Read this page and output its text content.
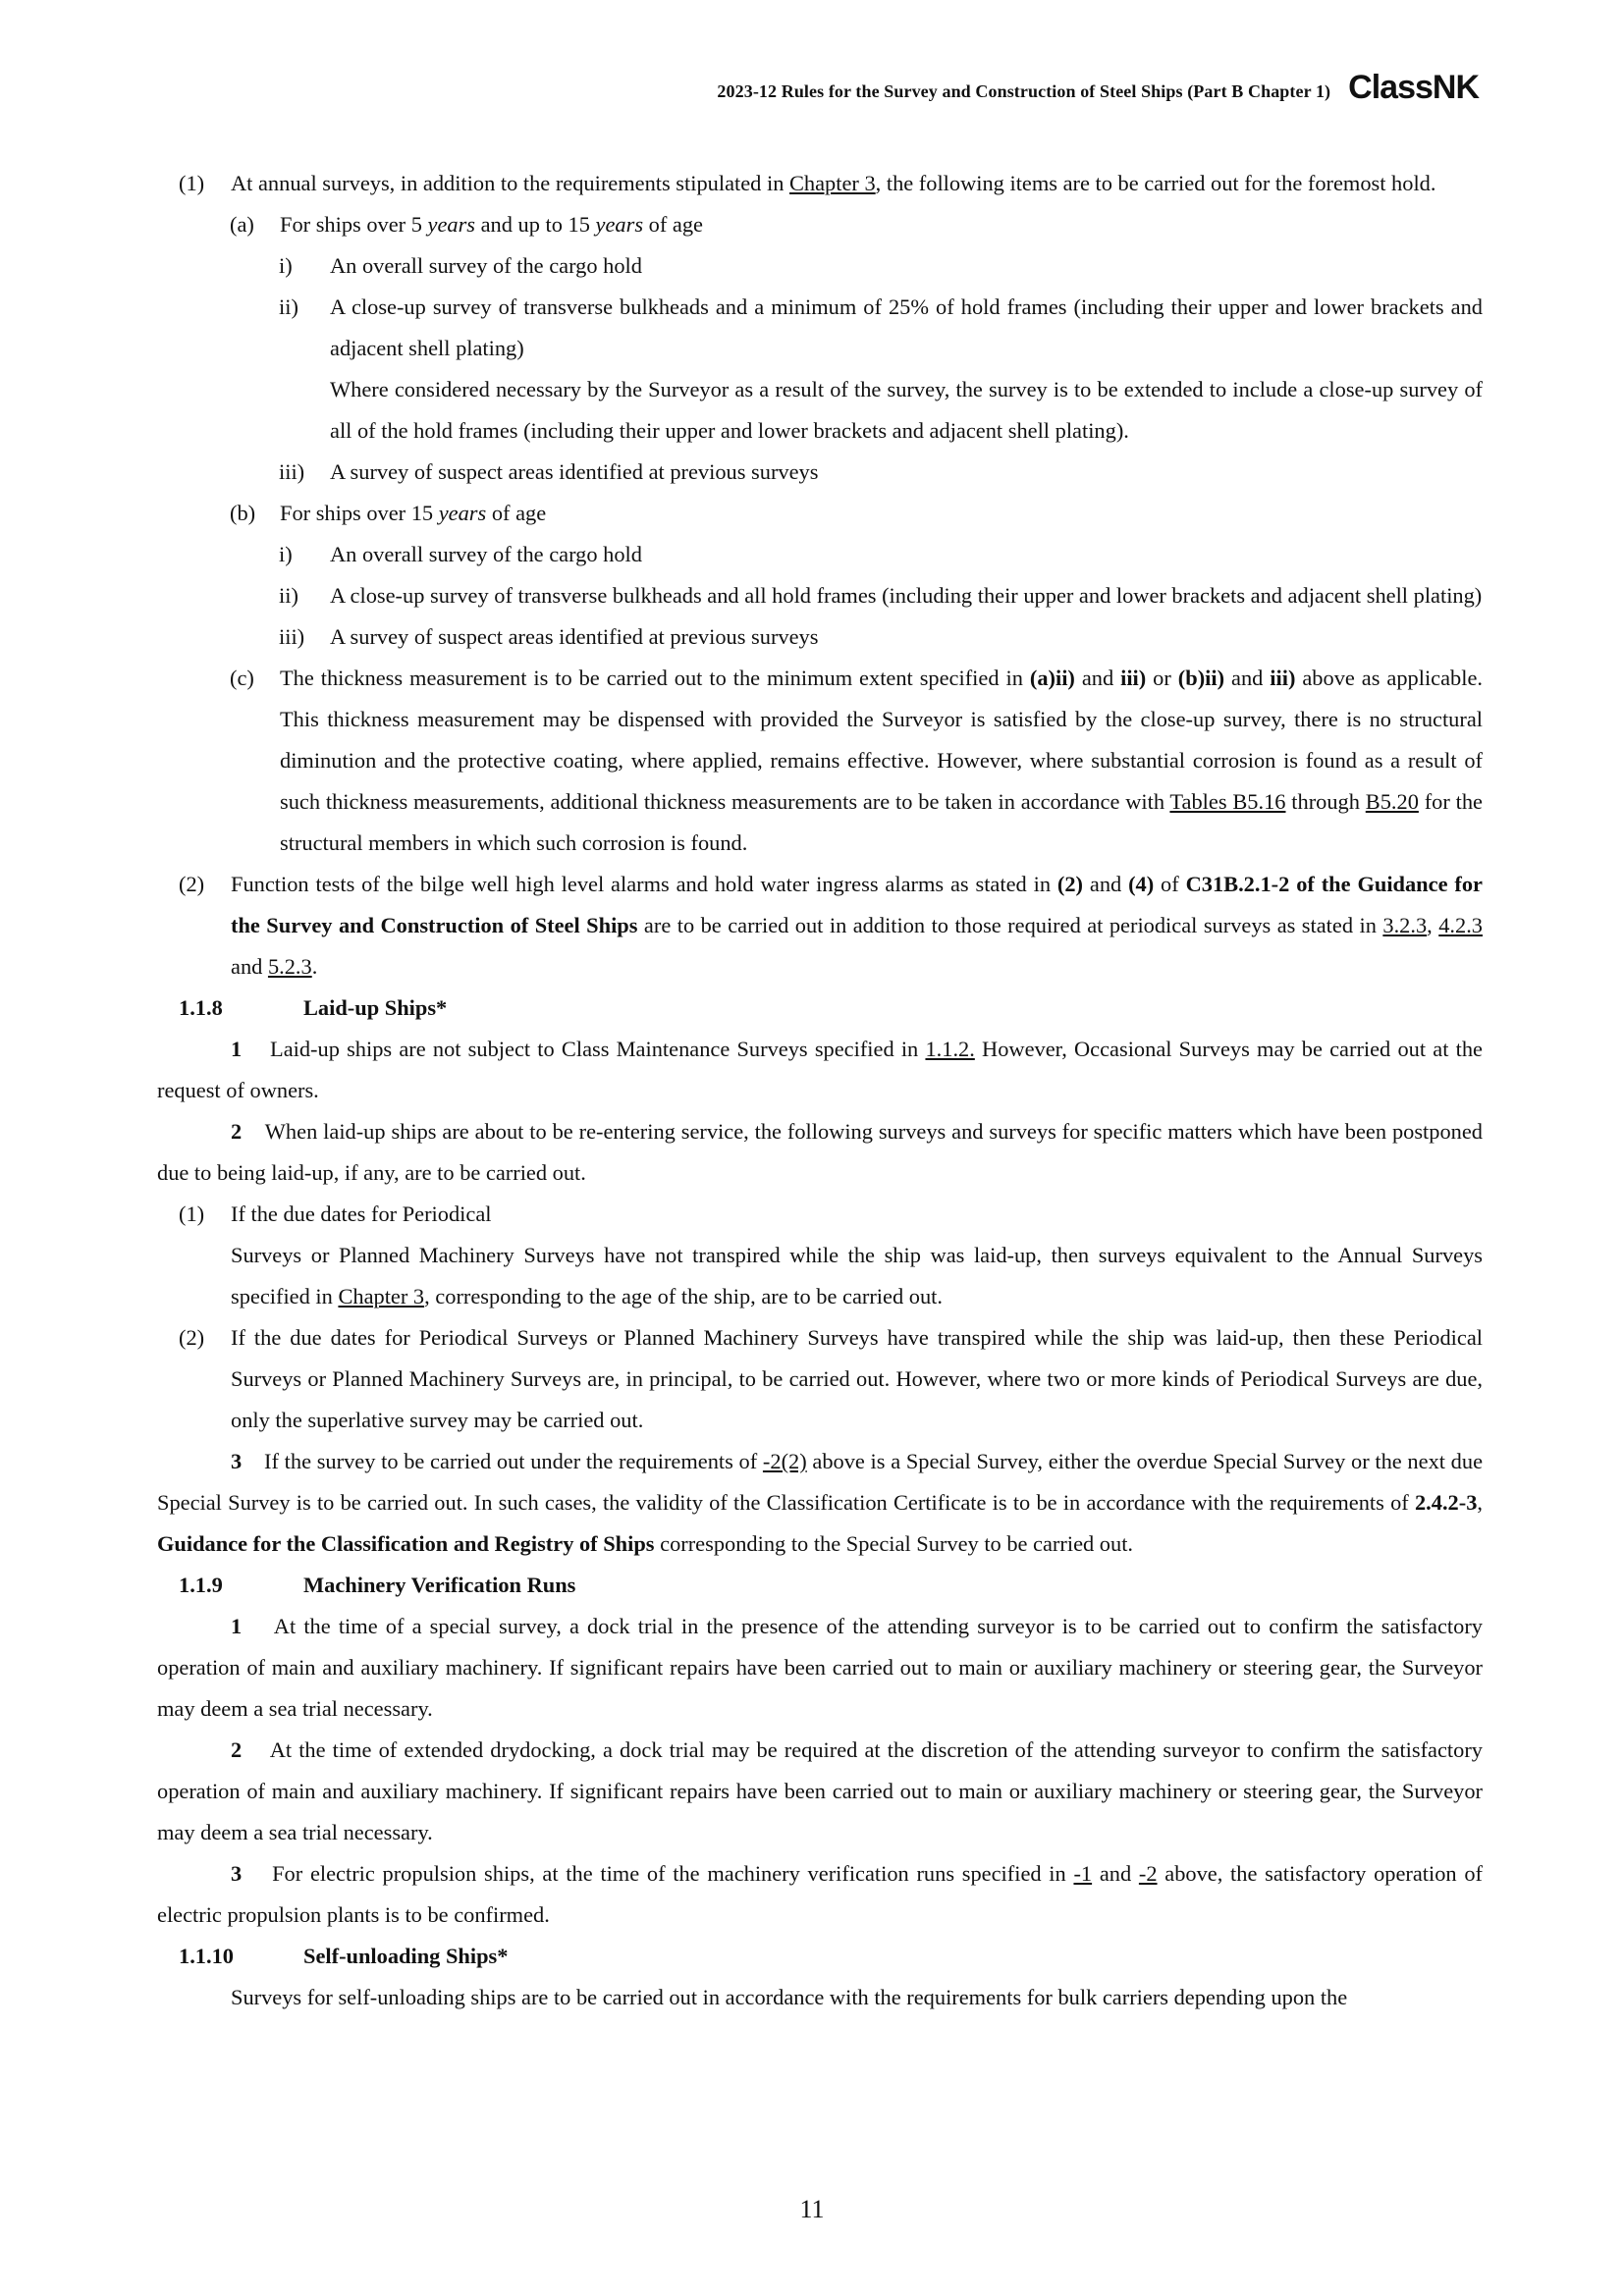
2023-12 Rules for the Survey and Construction of Steel Ships (Part B Chapter 1) ClassNK
(1) At annual surveys, in addition to the requirements stipulated in Chapter 3, the following items are to be carried out for the foremost hold.
(a) For ships over 5 years and up to 15 years of age
i) An overall survey of the cargo hold
ii) A close-up survey of transverse bulkheads and a minimum of 25% of hold frames (including their upper and lower brackets and adjacent shell plating)
Where considered necessary by the Surveyor as a result of the survey, the survey is to be extended to include a close-up survey of all of the hold frames (including their upper and lower brackets and adjacent shell plating).
iii) A survey of suspect areas identified at previous surveys
(b) For ships over 15 years of age
i) An overall survey of the cargo hold
ii) A close-up survey of transverse bulkheads and all hold frames (including their upper and lower brackets and adjacent shell plating)
iii) A survey of suspect areas identified at previous surveys
(c) The thickness measurement is to be carried out to the minimum extent specified in (a)ii) and iii) or (b)ii) and iii) above as applicable. This thickness measurement may be dispensed with provided the Surveyor is satisfied by the close-up survey, there is no structural diminution and the protective coating, where applied, remains effective. However, where substantial corrosion is found as a result of such thickness measurements, additional thickness measurements are to be taken in accordance with Tables B5.16 through B5.20 for the structural members in which such corrosion is found.
(2) Function tests of the bilge well high level alarms and hold water ingress alarms as stated in (2) and (4) of C31B.2.1-2 of the Guidance for the Survey and Construction of Steel Ships are to be carried out in addition to those required at periodical surveys as stated in 3.2.3, 4.2.3 and 5.2.3.
1.1.8	Laid-up Ships*
1 Laid-up ships are not subject to Class Maintenance Surveys specified in 1.1.2. However, Occasional Surveys may be carried out at the request of owners.
2 When laid-up ships are about to be re-entering service, the following surveys and surveys for specific matters which have been postponed due to being laid-up, if any, are to be carried out.
(1) If the due dates for Periodical
Surveys or Planned Machinery Surveys have not transpired while the ship was laid-up, then surveys equivalent to the Annual Surveys specified in Chapter 3, corresponding to the age of the ship, are to be carried out.
(2) If the due dates for Periodical Surveys or Planned Machinery Surveys have transpired while the ship was laid-up, then these Periodical Surveys or Planned Machinery Surveys are, in principal, to be carried out. However, where two or more kinds of Periodical Surveys are due, only the superlative survey may be carried out.
3 If the survey to be carried out under the requirements of -2(2) above is a Special Survey, either the overdue Special Survey or the next due Special Survey is to be carried out. In such cases, the validity of the Classification Certificate is to be in accordance with the requirements of 2.4.2-3, Guidance for the Classification and Registry of Ships corresponding to the Special Survey to be carried out.
1.1.9	Machinery Verification Runs
1 At the time of a special survey, a dock trial in the presence of the attending surveyor is to be carried out to confirm the satisfactory operation of main and auxiliary machinery. If significant repairs have been carried out to main or auxiliary machinery or steering gear, the Surveyor may deem a sea trial necessary.
2 At the time of extended drydocking, a dock trial may be required at the discretion of the attending surveyor to confirm the satisfactory operation of main and auxiliary machinery. If significant repairs have been carried out to main or auxiliary machinery or steering gear, the Surveyor may deem a sea trial necessary.
3 For electric propulsion ships, at the time of the machinery verification runs specified in -1 and -2 above, the satisfactory operation of electric propulsion plants is to be confirmed.
1.1.10	Self-unloading Ships*
Surveys for self-unloading ships are to be carried out in accordance with the requirements for bulk carriers depending upon the
11
